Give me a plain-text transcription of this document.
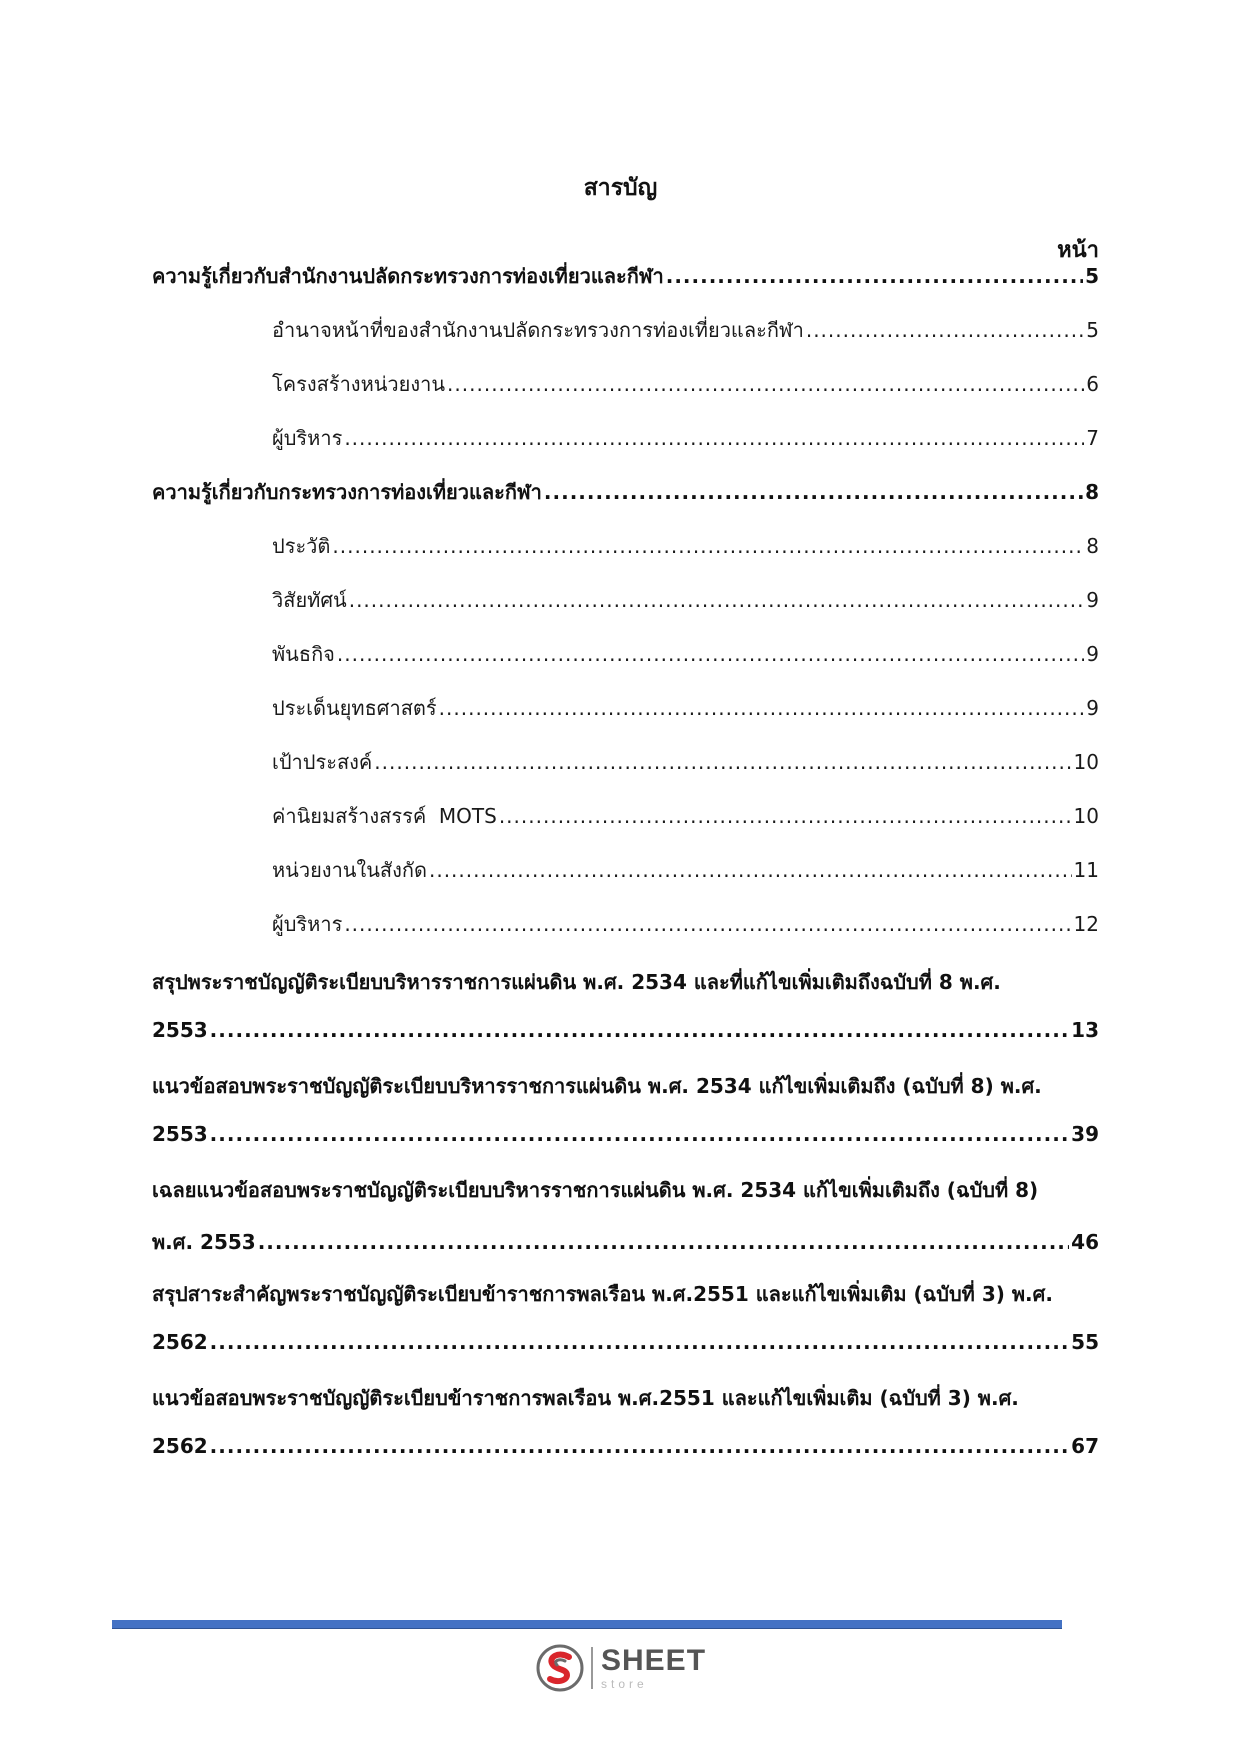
สารบัญ
หน้า
ความรู้เกี่ยวกับสำนักงานปลัดกระทรวงการท่องเที่ยวและกีฬา .....	5
อำนาจหน้าที่ของสำนักงานปลัดกระทรวงการท่องเที่ยวและกีฬา .....	5
โครงสร้างหน่วยงาน .....	6
ผู้บริหาร .....	7
ความรู้เกี่ยวกับกระทรวงการท่องเที่ยวและกีฬา .....	8
ประวัติ .....	8
วิสัยทัศน์ .....	9
พันธกิจ .....	9
ประเด็นยุทธศาสตร์ .....	9
เป้าประสงค์ .....	10
ค่านิยมสร้างสรรค์  MOTS .....	10
หน่วยงานในสังกัด .....	11
ผู้บริหาร .....	12
สรุปพระราชบัญญัติระเบียบบริหารราชการแผ่นดิน พ.ศ. 2534 และที่แก้ไขเพิ่มเติมถึงฉบับที่ 8 พ.ศ.
2553 .....	13
แนวข้อสอบพระราชบัญญัติระเบียบบริหารราชการแผ่นดิน พ.ศ. 2534 แก้ไขเพิ่มเติมถึง (ฉบับที่ 8) พ.ศ.
2553 .....	39
เฉลยแนวข้อสอบพระราชบัญญัติระเบียบบริหารราชการแผ่นดิน พ.ศ. 2534 แก้ไขเพิ่มเติมถึง (ฉบับที่ 8)
พ.ศ. 2553 .....	46
สรุปสาระสำคัญพระราชบัญญัติระเบียบข้าราชการพลเรือน พ.ศ.2551 และแก้ไขเพิ่มเติม (ฉบับที่ 3) พ.ศ.
2562 .....	55
แนวข้อสอบพระราชบัญญัติระเบียบข้าราชการพลเรือน พ.ศ.2551 และแก้ไขเพิ่มเติม (ฉบับที่ 3) พ.ศ.
2562 .....	67
SHEET
store
